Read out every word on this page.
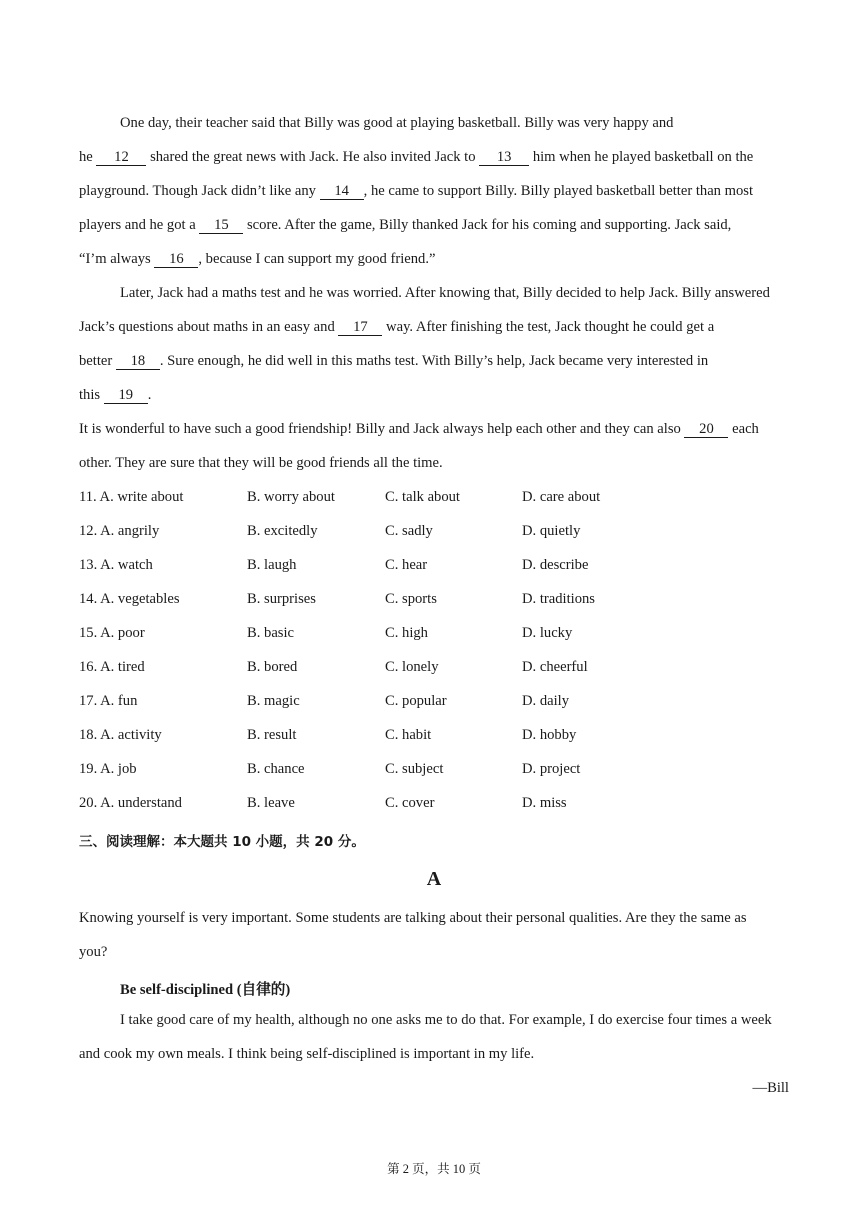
One day, their teacher said that Billy was good at playing basketball. Billy was very happy and
he 12 shared the great news with Jack. He also invited Jack to 13 him when he played basketball on the
playground. Though Jack didn’t like any 14 , he came to support Billy. Billy played basketball better than most
players and he got a 15 score. After the game, Billy thanked Jack for his coming and supporting. Jack said,
“I’m always 16 , because I can support my good friend.”
Later, Jack had a maths test and he was worried. After knowing that, Billy decided to help Jack. Billy answered
Jack’s questions about maths in an easy and 17 way. After finishing the test, Jack thought he could get a
better 18 . Sure enough, he did well in this maths test. With Billy’s help, Jack became very interested in
this 19 .
It is wonderful to have such a good friendship! Billy and Jack always help each other and they can also 20 each
other. They are sure that they will be good friends all the time.
11. A. write about	B. worry about	C. talk about	D. care about
12. A. angrily	B. excitedly	C. sadly	D. quietly
13. A. watch	B. laugh	C. hear	D. describe
14. A. vegetables	B. surprises	C. sports	D. traditions
15. A. poor	B. basic	C. high	D. lucky
16. A. tired	B. bored	C. lonely	D. cheerful
17. A. fun	B. magic	C. popular	D. daily
18. A. activity	B. result	C. habit	D. hobby
19. A. job	B. chance	C. subject	D. project
20. A. understand	B. leave	C. cover	D. miss
三、阅读理解：本大题共 10 小题，共 20 分。
A
Knowing yourself is very important. Some students are talking about their personal qualities. Are they the same as
you?
Be self-disciplined (自律的)
I take good care of my health, although no one asks me to do that. For example, I do exercise four times a week
and cook my own meals. I think being self-disciplined is important in my life.
—Bill
第 2 页，共 10 页
